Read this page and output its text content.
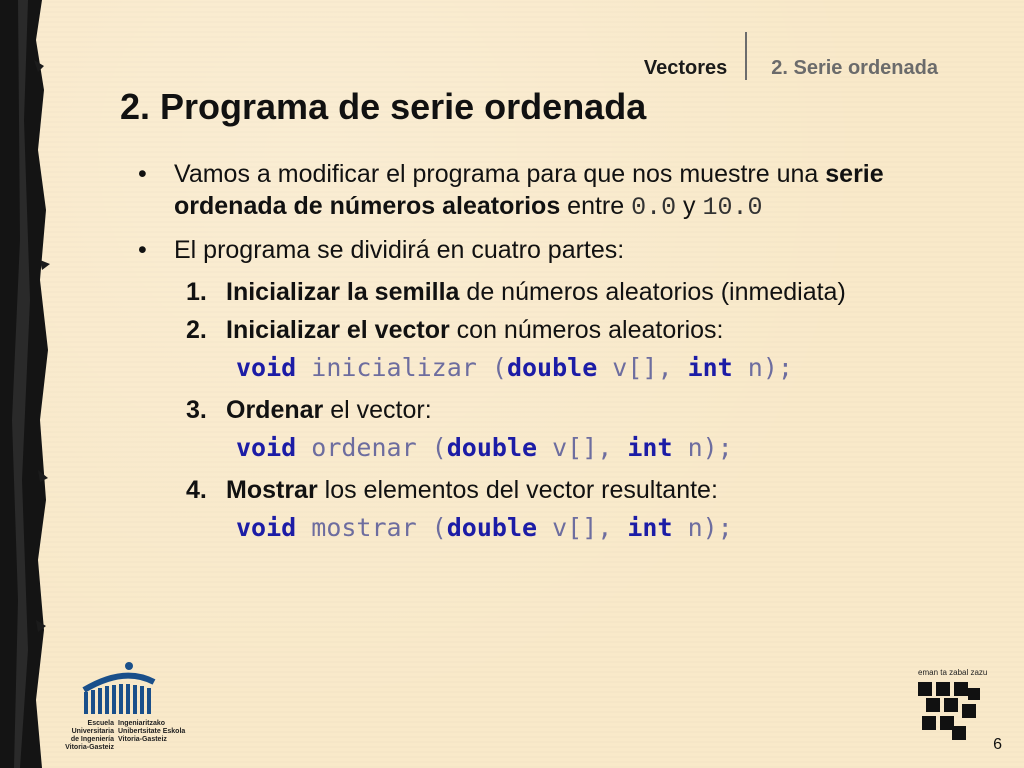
Vectores 2. Serie ordenada
2. Programa de serie ordenada
• Vamos a modificar el programa para que nos muestre una serie ordenada de números aleatorios entre 0.0 y 10.0
• El programa se dividirá en cuatro partes:
1. Inicializar la semilla de números aleatorios (inmediata)
2. Inicializar el vector con números aleatorios:
void inicializar (double v[], int n);
3. Ordenar el vector:
void ordenar (double v[], int n);
4. Mostrar los elementos del vector resultante:
void mostrar (double v[], int n);
Escuela Universitaria
de Ingeniería
Vitoria-Gasteiz
Ingeniaritzako
Unibertsitate Eskola
Vitoria-Gasteiz
eman ta zabal zazu
6
